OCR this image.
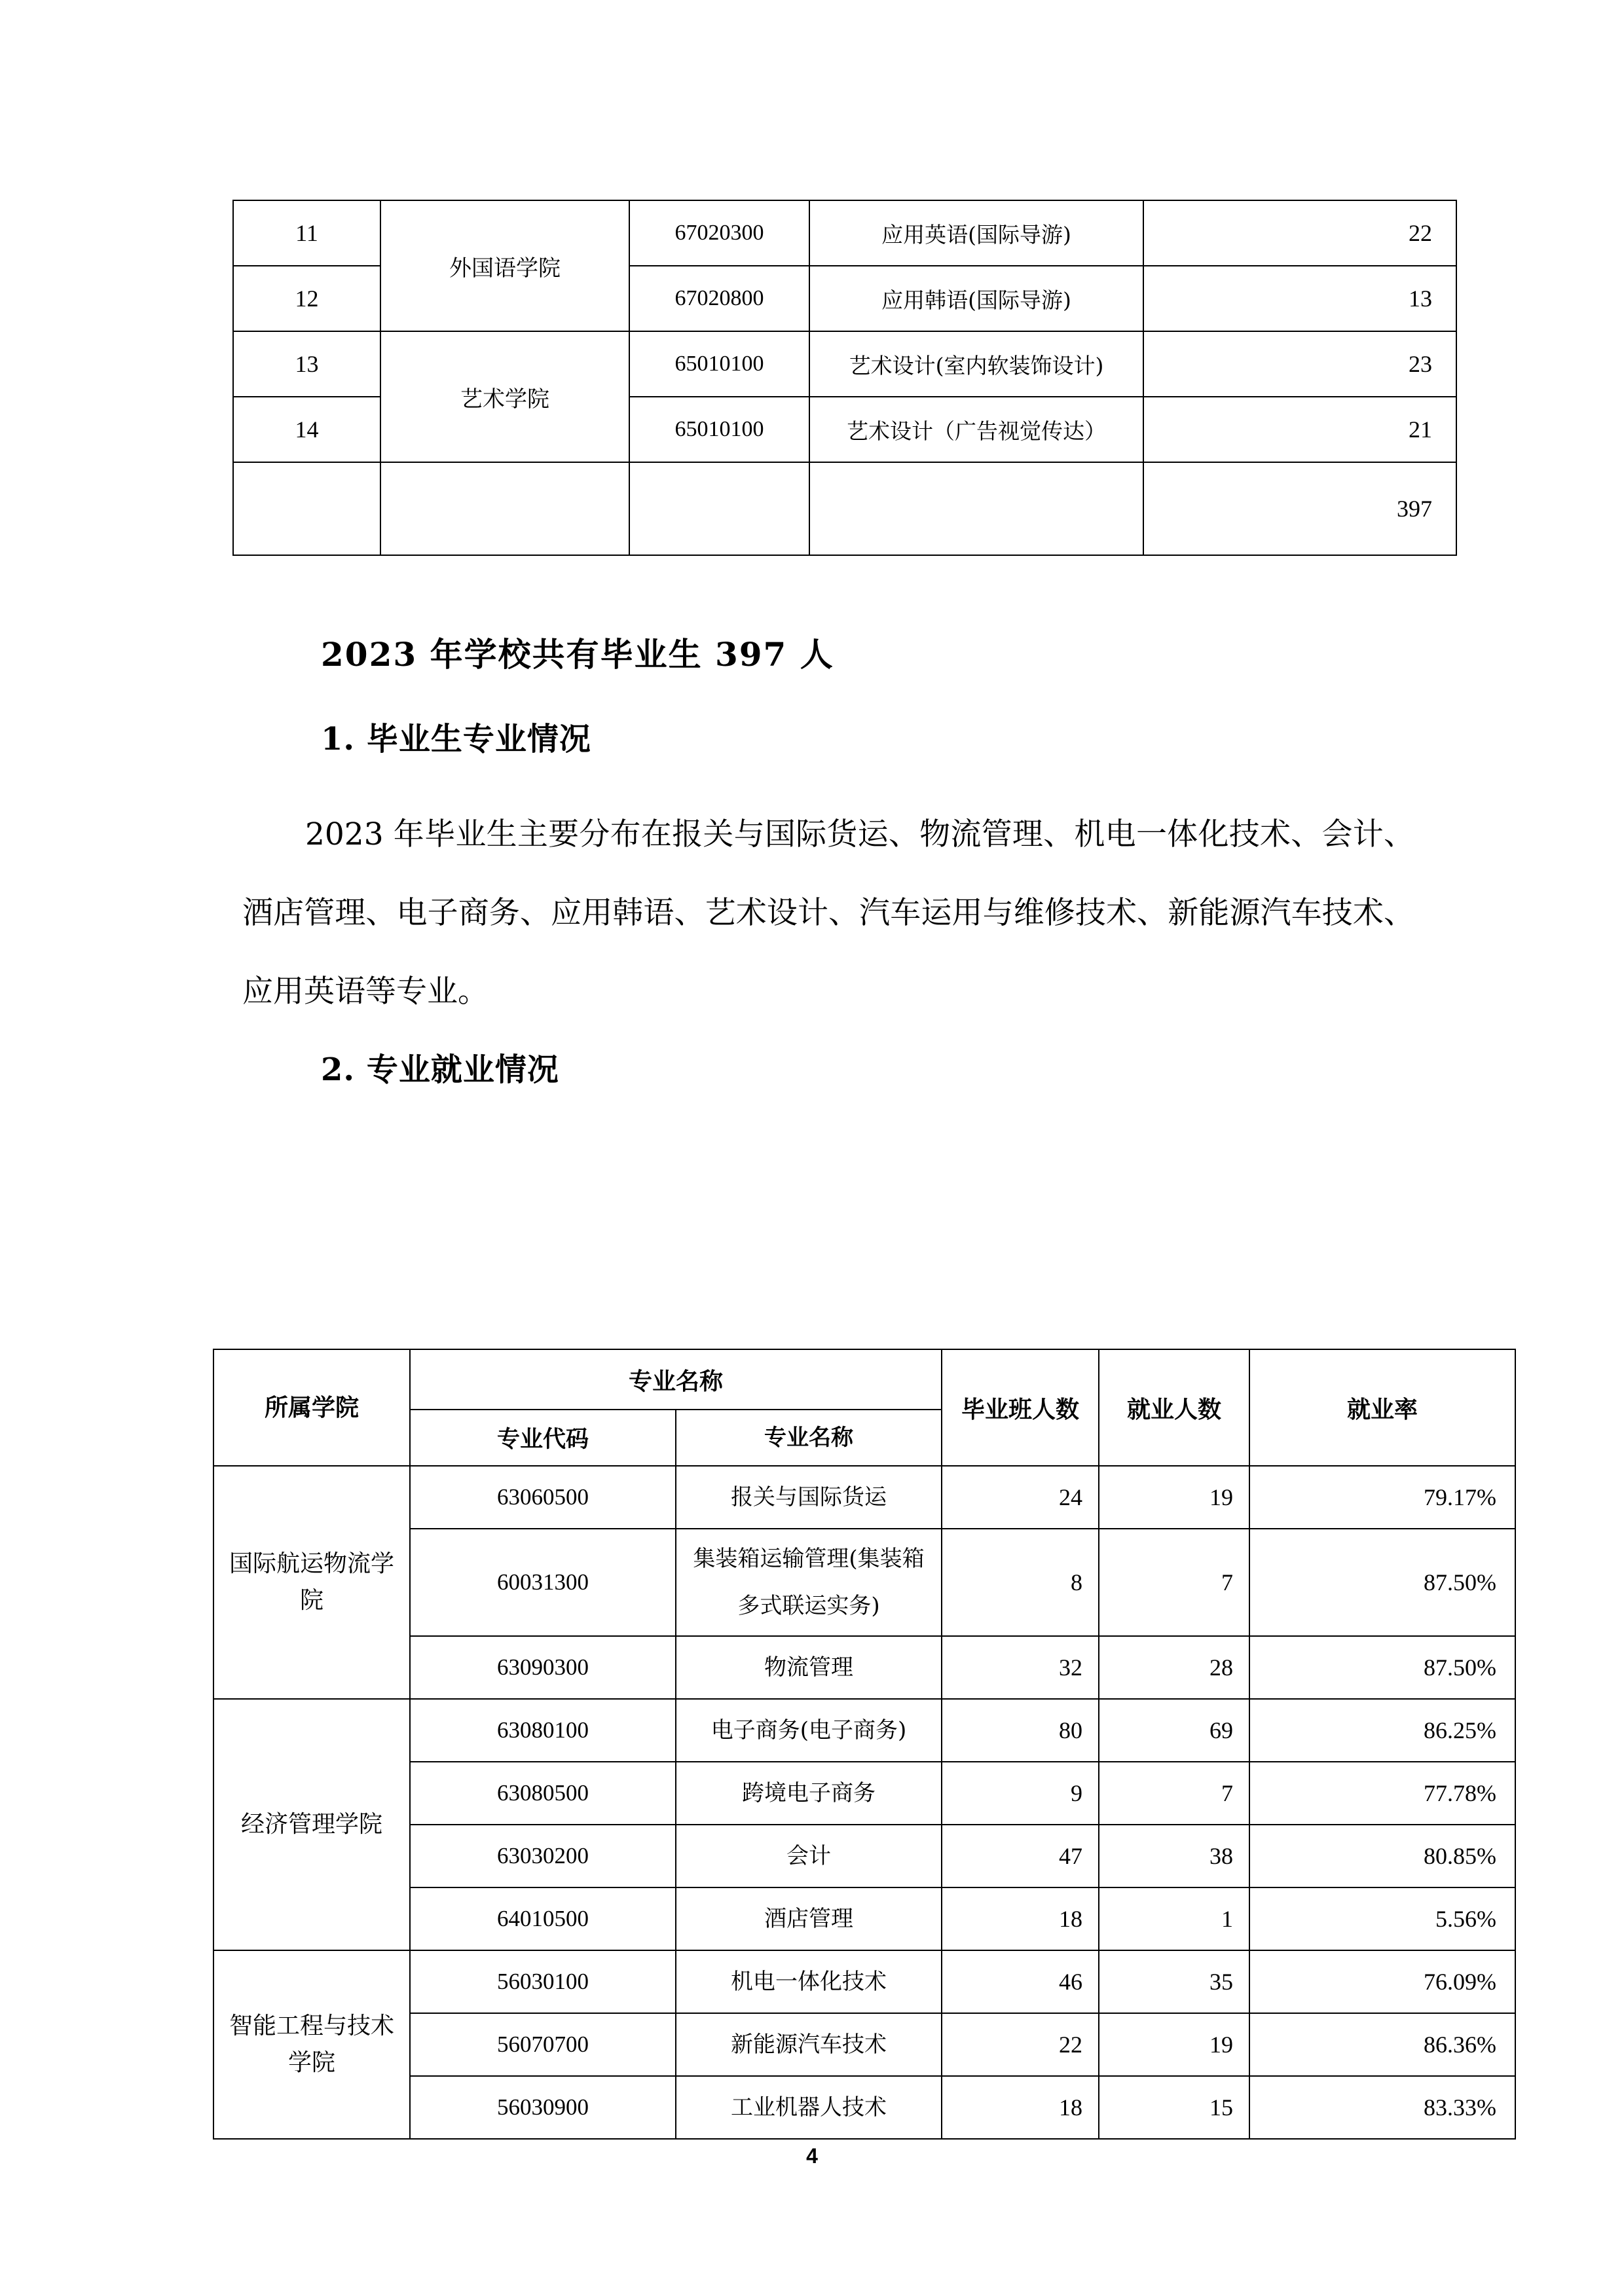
11	外国语学院	67020300	应用英语(国际导游)	22
12		67020800	应用韩语(国际导游)	13
13	艺术学院	65010100	艺术设计(室内软装饰设计)	23
14		65010100	艺术设计（广告视觉传达）	21
				397
2023 年学校共有毕业生 397 人
1. 毕业生专业情况
2023 年毕业生主要分布在报关与国际货运、物流管理、机电一体化技术、会计、酒店管理、电子商务、应用韩语、艺术设计、汽车运用与维修技术、新能源汽车技术、应用英语等专业。
2. 专业就业情况
所属学院	专业名称		毕业班人数	就业人数	就业率
	专业代码	专业名称			
国际航运物流学院	63060500	报关与国际货运	24	19	79.17%
	60031300	集装箱运输管理(集装箱多式联运实务)	8	7	87.50%
	63090300	物流管理	32	28	87.50%
经济管理学院	63080100	电子商务(电子商务)	80	69	86.25%
	63080500	跨境电子商务	9	7	77.78%
	63030200	会计	47	38	80.85%
	64010500	酒店管理	18	1	5.56%
智能工程与技术学院	56030100	机电一体化技术	46	35	76.09%
	56070700	新能源汽车技术	22	19	86.36%
	56030900	工业机器人技术	18	15	83.33%
4
